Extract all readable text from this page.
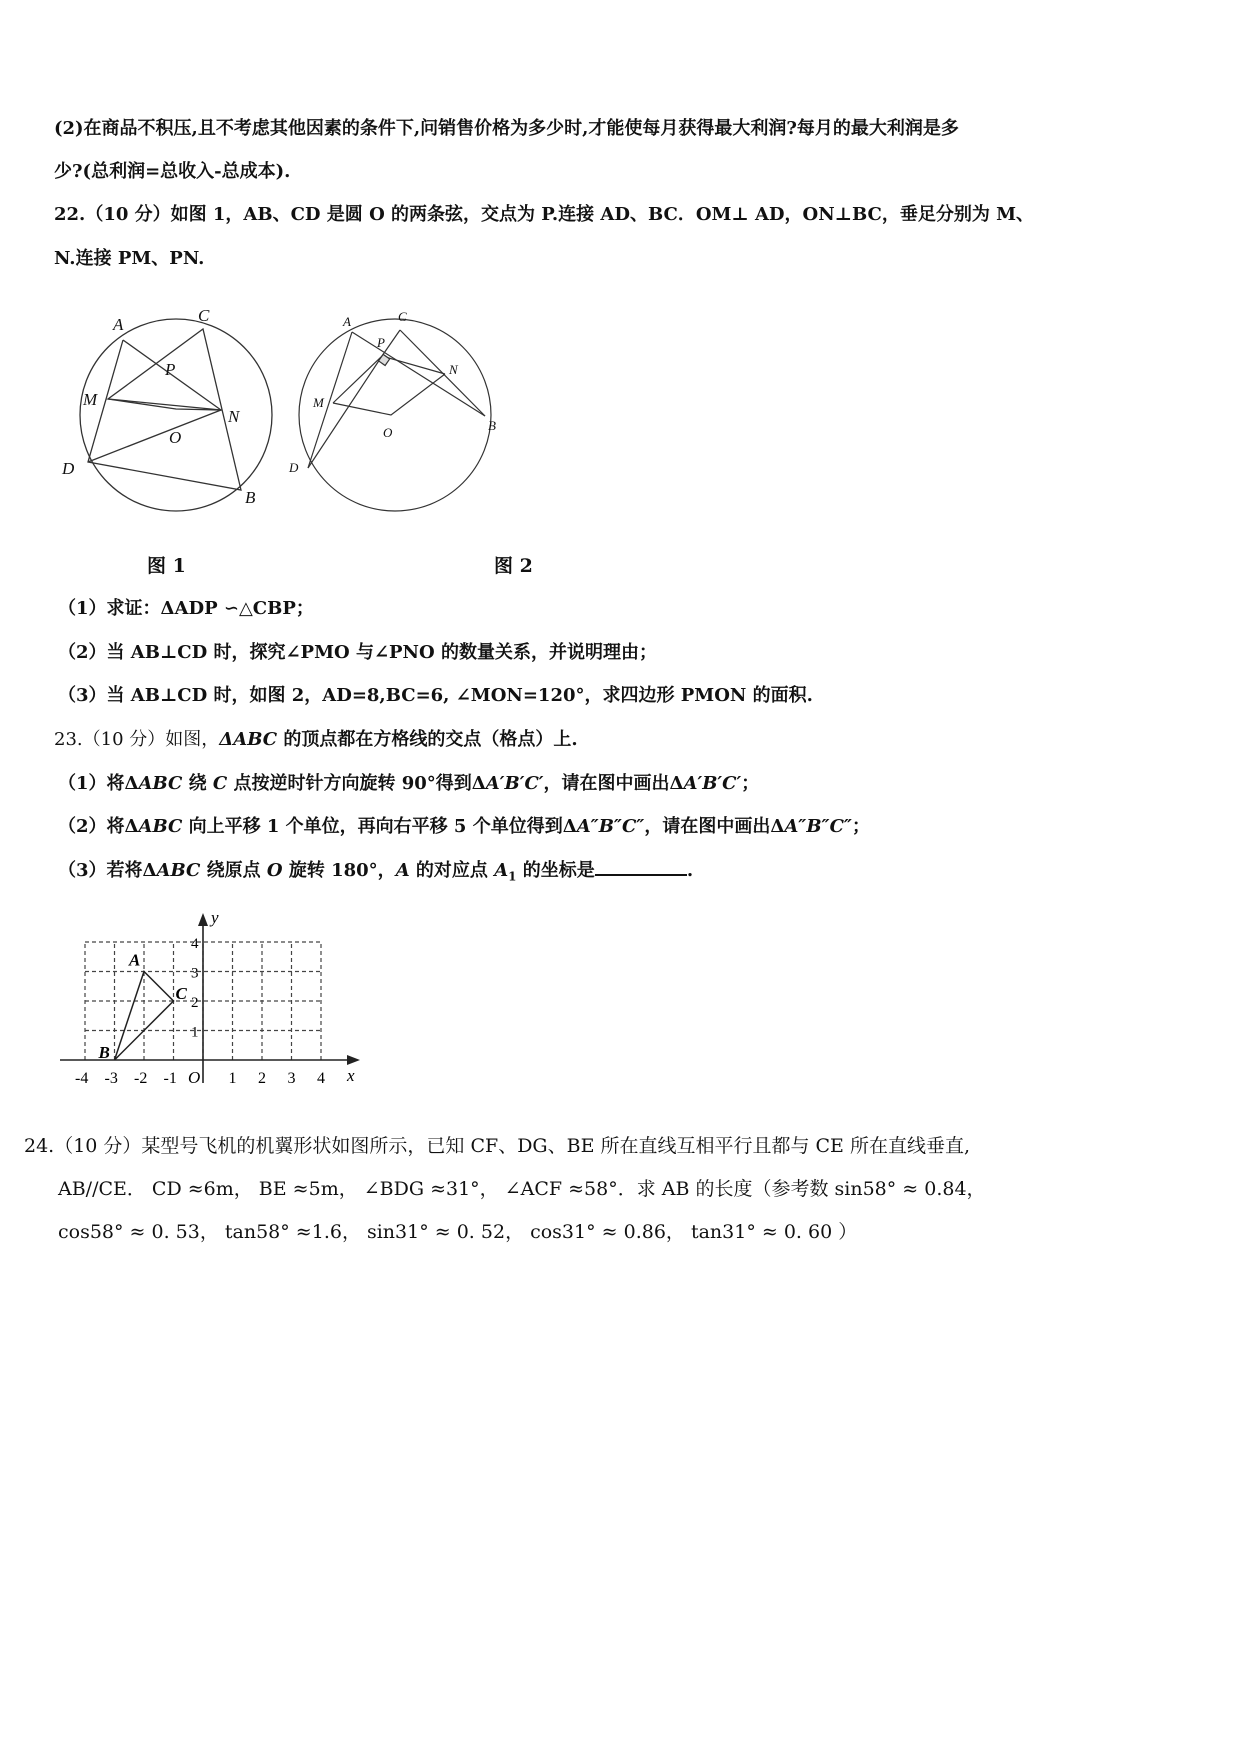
(2)在商品不积压,且不考虑其他因素的条件下,问销售价格为多少时,才能使每月获得最大利润?每月的最大利润是多
少?(总利润=总收入-总成本).
22.（10 分）如图 1，AB、CD 是圆 O 的两条弦，交点为 P.连接 AD、BC．OM⊥ AD，ON⊥BC，垂足分别为 M、
N.连接 PM、PN.
A	C
P
M
N
O
D
B
图 1
A	C
P
M
N
O
D
B
图 2
（1）求证：ΔADP ∽△CBP；
（2）当 AB⊥CD 时，探究∠PMO 与∠PNO 的数量关系，并说明理由；
（3）当 AB⊥CD 时，如图 2，AD=8,BC=6, ∠MON=120°，求四边形 PMON 的面积.
23.（10 分）如图，ΔABC 的顶点都在方格线的交点（格点）上.
（1）将ΔABC 绕 C 点按逆时针方向旋转 90°得到ΔA′B′C′，请在图中画出ΔA′B′C′；
（2）将ΔABC 向上平移 1 个单位，再向右平移 5 个单位得到ΔA″B″C″，请在图中画出ΔA″B″C″；
（3）若将ΔABC 绕原点 O 旋转 180°，A 的对应点 $A_1$ 的坐标是	.
y
x
O
-4 -3 -2 -1	1 2 3 4
1
2
3
4
A
B
C
24.（10 分）某型号飞机的机翼形状如图所示，已知 CF、DG、BE 所在直线互相平行且都与 CE 所在直线垂直,
AB//CE． CD ≈6m， BE ≈5m， ∠BDG ≈31°， ∠ACF ≈58°．求 AB 的长度（参考数 sin58° ≈ 0.84，
cos58° ≈ 0. 53， tan58° ≈1.6， sin31° ≈ 0. 52， cos31° ≈ 0.86， tan31° ≈ 0. 60 ）
